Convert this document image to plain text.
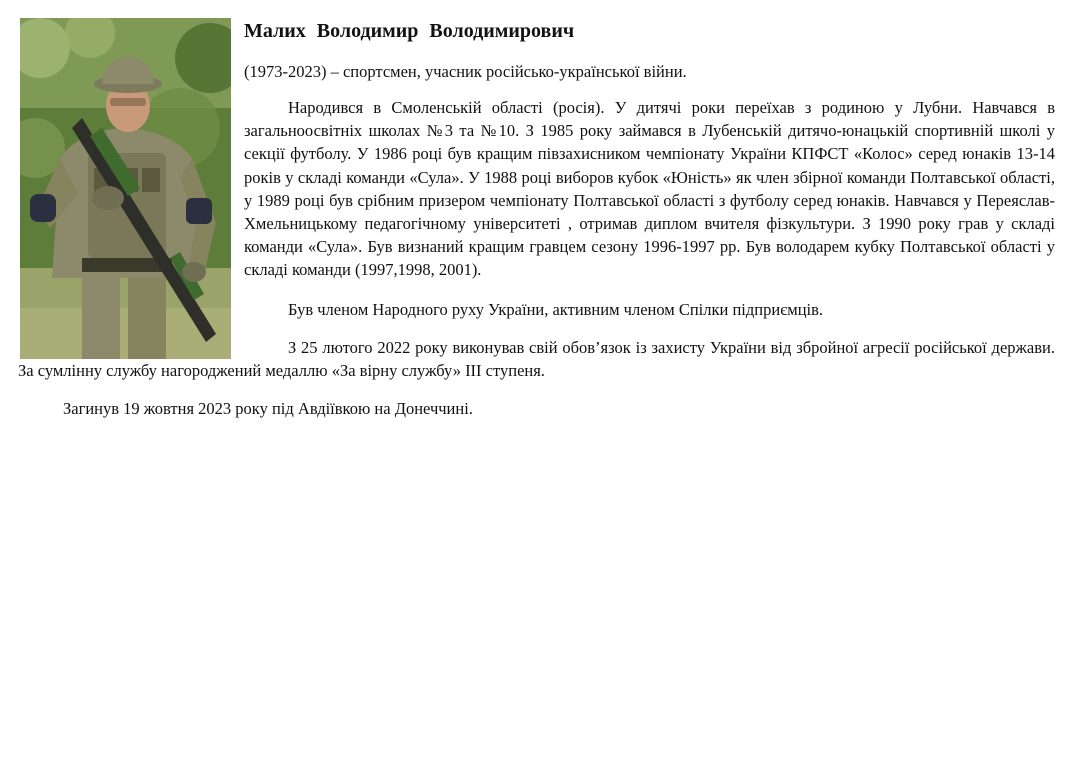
Малих Володимир Володимирович

(1973-2023) – спортсмен, учасник російсько-української війни.

Народився в Смоленській області (росія). У дитячі роки переїхав з родиною у Лубни. Навчався в загальноосвітніх школах №3 та №10. З 1985 року займався в Лубенській дитячо-юнацькій спортивній школі у секції футболу. У 1986 році був кращим півзахисником чемпіонату України КПФСТ «Колос» серед юнаків 13-14 років у складі команди «Сула». У 1988 році виборов кубок «Юність» як член збірної команди Полтавської області, у 1989 році був срібним призером чемпіонату Полтавської області з футболу серед юнаків. Навчався у Переяслав-Хмельницькому педагогічному університеті , отримав диплом вчителя фізкультури. З 1990 року грав у складі команди «Сула». Був визнаний кращим гравцем сезону 1996-1997 рр. Був володарем кубку Полтавської області у складі команди (1997,1998, 2001).

Був членом Народного руху України, активним членом Спілки підприємців.

З 25 лютого 2022 року виконував свій обов’язок із захисту України від збройної агресії російської держави. За сумлінну службу нагороджений медаллю «За вірну службу» ІІІ ступеня.

Загинув 19 жовтня 2023 року під Авдіївкою на Донеччині.
